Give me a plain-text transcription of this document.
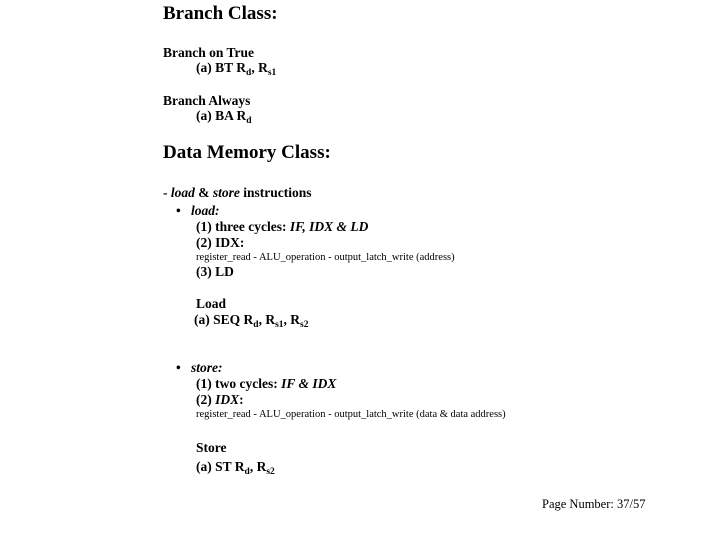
Branch Class:
Branch on True
(a) BT $R_d$, $R_{s1}$
Branch Always
(a) BA $R_d$
Data Memory Class:
- load & store instructions
• load:
(1) three cycles: IF, IDX & LD
(2) IDX:
register_read - ALU_operation - output_latch_write (address)
(3) LD
Load
(a) SEQ $R_d$, $R_{s1}$, $R_{s2}$
• store:
(1) two cycles: IF & IDX
(2) IDX:
register_read - ALU_operation - output_latch_write (data & data address)
Store
(a) ST $R_d$, $R_{s2}$
Page Number: 37/57
